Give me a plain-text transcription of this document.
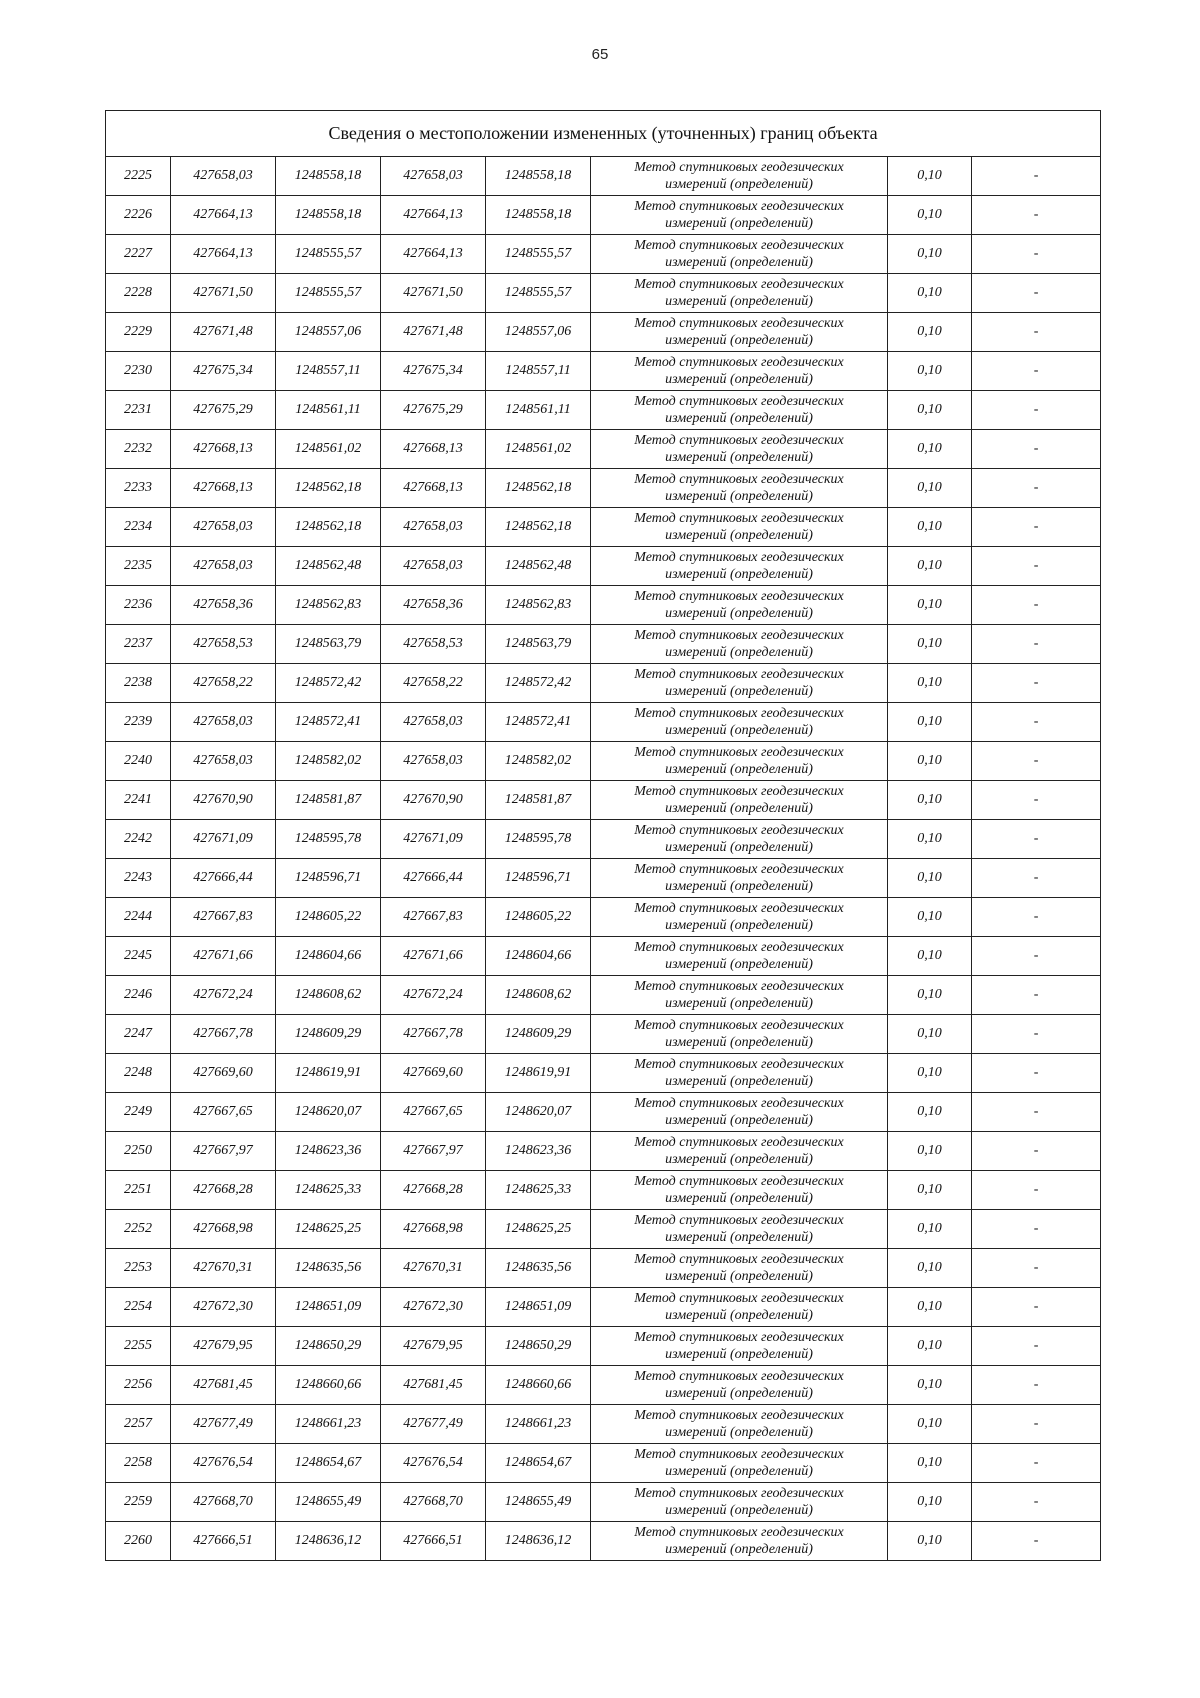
65
Сведения о местоположении измененных (уточненных) границ объекта							
2225	427658,03	1248558,18	427658,03	1248558,18	Метод спутниковых геодезических
измерений (определений)	0,10	-
2226	427664,13	1248558,18	427664,13	1248558,18	Метод спутниковых геодезических
измерений (определений)	0,10	-
2227	427664,13	1248555,57	427664,13	1248555,57	Метод спутниковых геодезических
измерений (определений)	0,10	-
2228	427671,50	1248555,57	427671,50	1248555,57	Метод спутниковых геодезических
измерений (определений)	0,10	-
2229	427671,48	1248557,06	427671,48	1248557,06	Метод спутниковых геодезических
измерений (определений)	0,10	-
2230	427675,34	1248557,11	427675,34	1248557,11	Метод спутниковых геодезических
измерений (определений)	0,10	-
2231	427675,29	1248561,11	427675,29	1248561,11	Метод спутниковых геодезических
измерений (определений)	0,10	-
2232	427668,13	1248561,02	427668,13	1248561,02	Метод спутниковых геодезических
измерений (определений)	0,10	-
2233	427668,13	1248562,18	427668,13	1248562,18	Метод спутниковых геодезических
измерений (определений)	0,10	-
2234	427658,03	1248562,18	427658,03	1248562,18	Метод спутниковых геодезических
измерений (определений)	0,10	-
2235	427658,03	1248562,48	427658,03	1248562,48	Метод спутниковых геодезических
измерений (определений)	0,10	-
2236	427658,36	1248562,83	427658,36	1248562,83	Метод спутниковых геодезических
измерений (определений)	0,10	-
2237	427658,53	1248563,79	427658,53	1248563,79	Метод спутниковых геодезических
измерений (определений)	0,10	-
2238	427658,22	1248572,42	427658,22	1248572,42	Метод спутниковых геодезических
измерений (определений)	0,10	-
2239	427658,03	1248572,41	427658,03	1248572,41	Метод спутниковых геодезических
измерений (определений)	0,10	-
2240	427658,03	1248582,02	427658,03	1248582,02	Метод спутниковых геодезических
измерений (определений)	0,10	-
2241	427670,90	1248581,87	427670,90	1248581,87	Метод спутниковых геодезических
измерений (определений)	0,10	-
2242	427671,09	1248595,78	427671,09	1248595,78	Метод спутниковых геодезических
измерений (определений)	0,10	-
2243	427666,44	1248596,71	427666,44	1248596,71	Метод спутниковых геодезических
измерений (определений)	0,10	-
2244	427667,83	1248605,22	427667,83	1248605,22	Метод спутниковых геодезических
измерений (определений)	0,10	-
2245	427671,66	1248604,66	427671,66	1248604,66	Метод спутниковых геодезических
измерений (определений)	0,10	-
2246	427672,24	1248608,62	427672,24	1248608,62	Метод спутниковых геодезических
измерений (определений)	0,10	-
2247	427667,78	1248609,29	427667,78	1248609,29	Метод спутниковых геодезических
измерений (определений)	0,10	-
2248	427669,60	1248619,91	427669,60	1248619,91	Метод спутниковых геодезических
измерений (определений)	0,10	-
2249	427667,65	1248620,07	427667,65	1248620,07	Метод спутниковых геодезических
измерений (определений)	0,10	-
2250	427667,97	1248623,36	427667,97	1248623,36	Метод спутниковых геодезических
измерений (определений)	0,10	-
2251	427668,28	1248625,33	427668,28	1248625,33	Метод спутниковых геодезических
измерений (определений)	0,10	-
2252	427668,98	1248625,25	427668,98	1248625,25	Метод спутниковых геодезических
измерений (определений)	0,10	-
2253	427670,31	1248635,56	427670,31	1248635,56	Метод спутниковых геодезических
измерений (определений)	0,10	-
2254	427672,30	1248651,09	427672,30	1248651,09	Метод спутниковых геодезических
измерений (определений)	0,10	-
2255	427679,95	1248650,29	427679,95	1248650,29	Метод спутниковых геодезических
измерений (определений)	0,10	-
2256	427681,45	1248660,66	427681,45	1248660,66	Метод спутниковых геодезических
измерений (определений)	0,10	-
2257	427677,49	1248661,23	427677,49	1248661,23	Метод спутниковых геодезических
измерений (определений)	0,10	-
2258	427676,54	1248654,67	427676,54	1248654,67	Метод спутниковых геодезических
измерений (определений)	0,10	-
2259	427668,70	1248655,49	427668,70	1248655,49	Метод спутниковых геодезических
измерений (определений)	0,10	-
2260	427666,51	1248636,12	427666,51	1248636,12	Метод спутниковых геодезических
измерений (определений)	0,10	-
